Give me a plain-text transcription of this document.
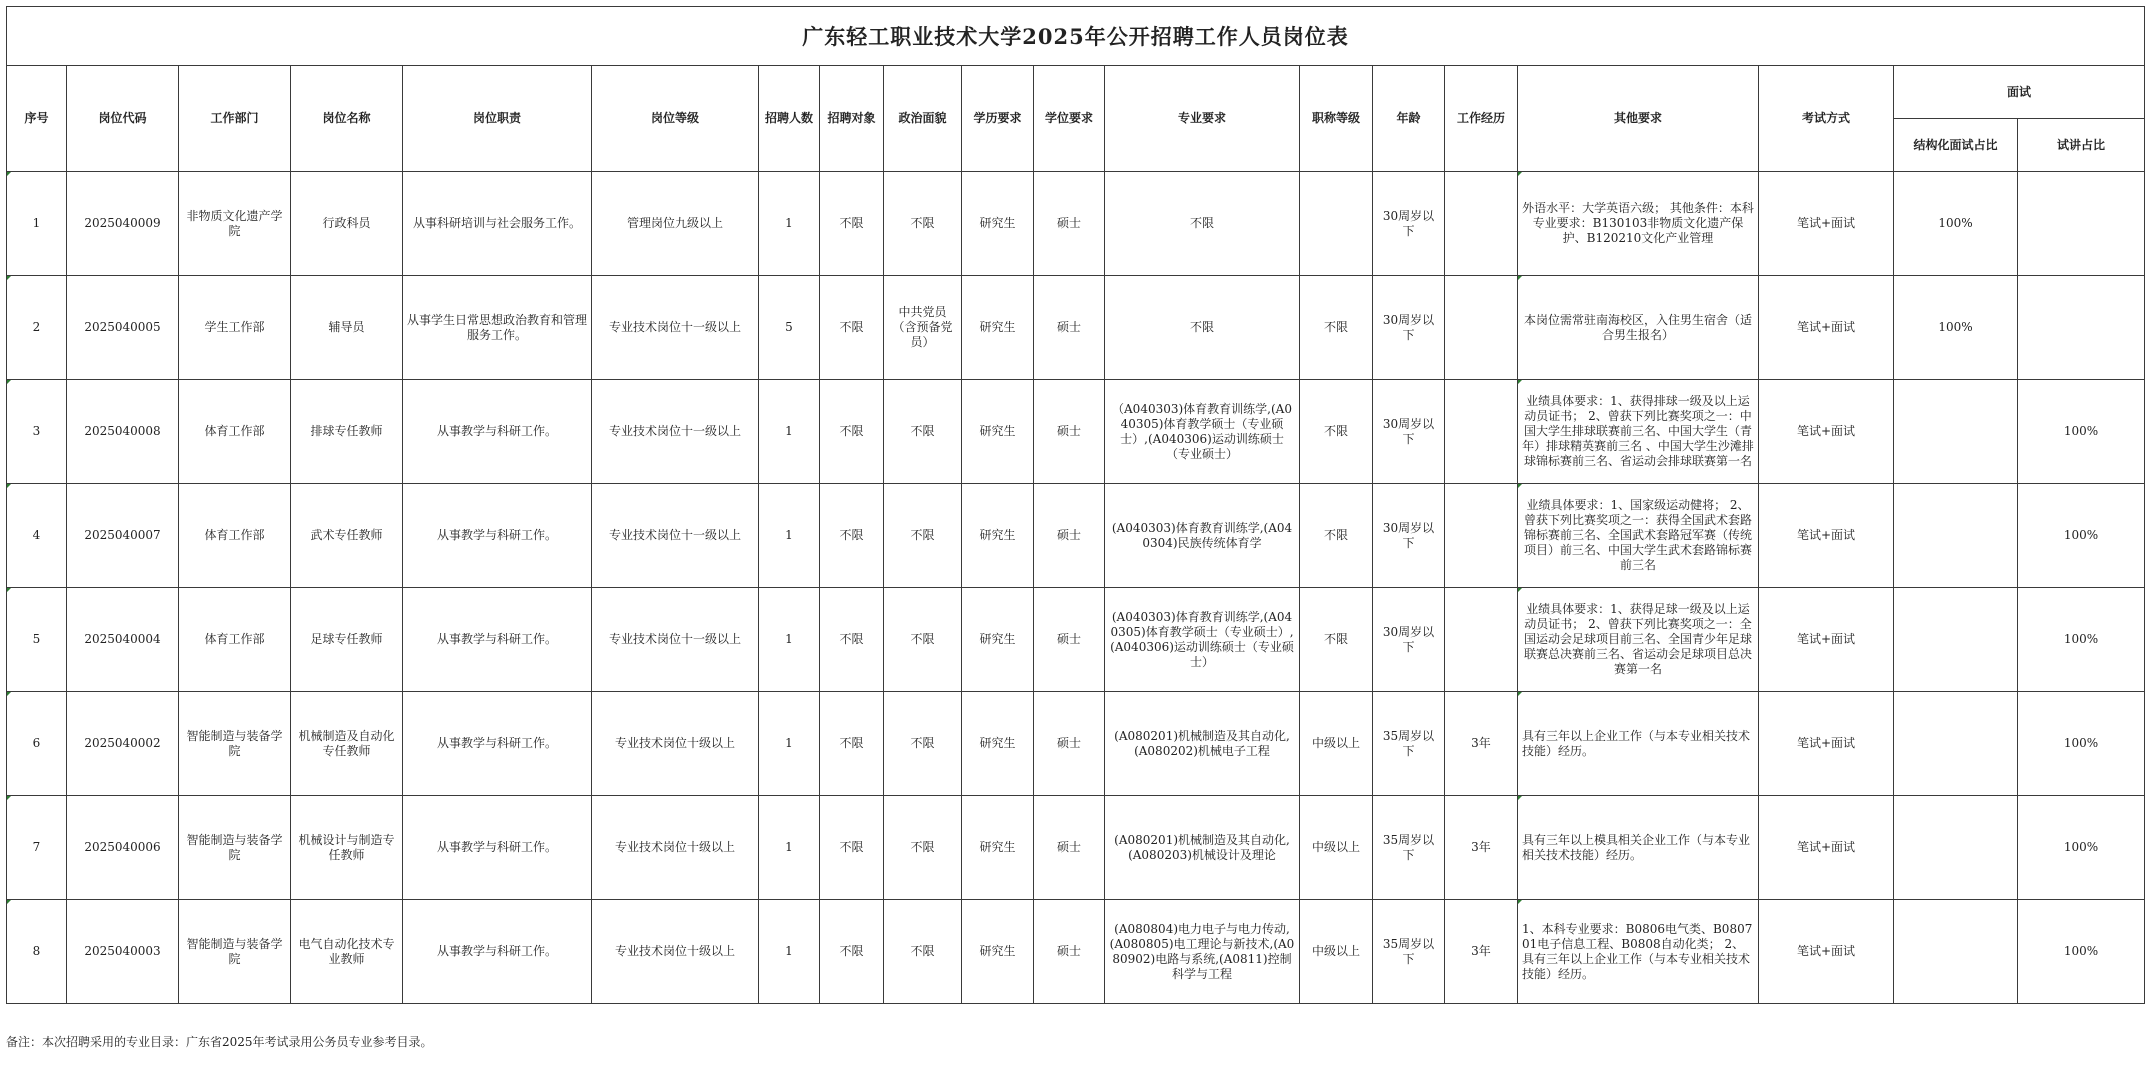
广东轻工职业技术大学2025年公开招聘工作人员岗位表																		
序号	岗位代码	工作部门	岗位名称	岗位职责	岗位等级	招聘人数	招聘对象	政治面貌	学历要求	学位要求	专业要求	职称等级	年龄	工作经历	其他要求	考试方式	面试	
																	结构化面试占比	试讲占比
1	2025040009	非物质文化遗产学院	行政科员	从事科研培训与社会服务工作。	管理岗位九级以上	1	不限	不限	研究生	硕士	不限		30周岁以下		外语水平：大学英语六级； 其他条件：本科专业要求：B130103非物质文化遗产保护、B120210文化产业管理	笔试+面试	100%	
2	2025040005	学生工作部	辅导员	从事学生日常思想政治教育和管理服务工作。	专业技术岗位十一级以上	5	不限	中共党员（含预备党员）	研究生	硕士	不限	不限	30周岁以下		本岗位需常驻南海校区，入住男生宿舍（适合男生报名）	笔试+面试	100%	
3	2025040008	体育工作部	排球专任教师	从事教学与科研工作。	专业技术岗位十一级以上	1	不限	不限	研究生	硕士	（A040303)体育教育训练学,(A040305)体育教学硕士（专业硕士）,(A040306)运动训练硕士（专业硕士）	不限	30周岁以下		业绩具体要求：1、获得排球一级及以上运动员证书； 2、曾获下列比赛奖项之一：中国大学生排球联赛前三名、中国大学生（青年）排球精英赛前三名 、中国大学生沙滩排球锦标赛前三名、省运动会排球联赛第一名	笔试+面试		100%
4	2025040007	体育工作部	武术专任教师	从事教学与科研工作。	专业技术岗位十一级以上	1	不限	不限	研究生	硕士	(A040303)体育教育训练学,(A040304)民族传统体育学	不限	30周岁以下		业绩具体要求：1、国家级运动健将； 2、曾获下列比赛奖项之一：获得全国武术套路锦标赛前三名、全国武术套路冠军赛（传统项目）前三名、中国大学生武术套路锦标赛前三名	笔试+面试		100%
5	2025040004	体育工作部	足球专任教师	从事教学与科研工作。	专业技术岗位十一级以上	1	不限	不限	研究生	硕士	(A040303)体育教育训练学,(A040305)体育教学硕士（专业硕士）,(A040306)运动训练硕士（专业硕士）	不限	30周岁以下		业绩具体要求：1、获得足球一级及以上运动员证书； 2、曾获下列比赛奖项之一：全国运动会足球项目前三名、全国青少年足球联赛总决赛前三名、省运动会足球项目总决赛第一名	笔试+面试		100%
6	2025040002	智能制造与装备学院	机械制造及自动化专任教师	从事教学与科研工作。	专业技术岗位十级以上	1	不限	不限	研究生	硕士	(A080201)机械制造及其自动化,(A080202)机械电子工程	中级以上	35周岁以下	3年	具有三年以上企业工作（与本专业相关技术技能）经历。	笔试+面试		100%
7	2025040006	智能制造与装备学院	机械设计与制造专任教师	从事教学与科研工作。	专业技术岗位十级以上	1	不限	不限	研究生	硕士	(A080201)机械制造及其自动化,(A080203)机械设计及理论	中级以上	35周岁以下	3年	具有三年以上模具相关企业工作（与本专业相关技术技能）经历。	笔试+面试		100%
8	2025040003	智能制造与装备学院	电气自动化技术专业教师	从事教学与科研工作。	专业技术岗位十级以上	1	不限	不限	研究生	硕士	(A080804)电力电子与电力传动,(A080805)电工理论与新技术,(A080902)电路与系统,(A0811)控制科学与工程	中级以上	35周岁以下	3年	1、本科专业要求：B0806电气类、B080701电子信息工程、B0808自动化类； 2、具有三年以上企业工作（与本专业相关技术技能）经历。	笔试+面试		100%
备注：本次招聘采用的专业目录：广东省2025年考试录用公务员专业参考目录。
